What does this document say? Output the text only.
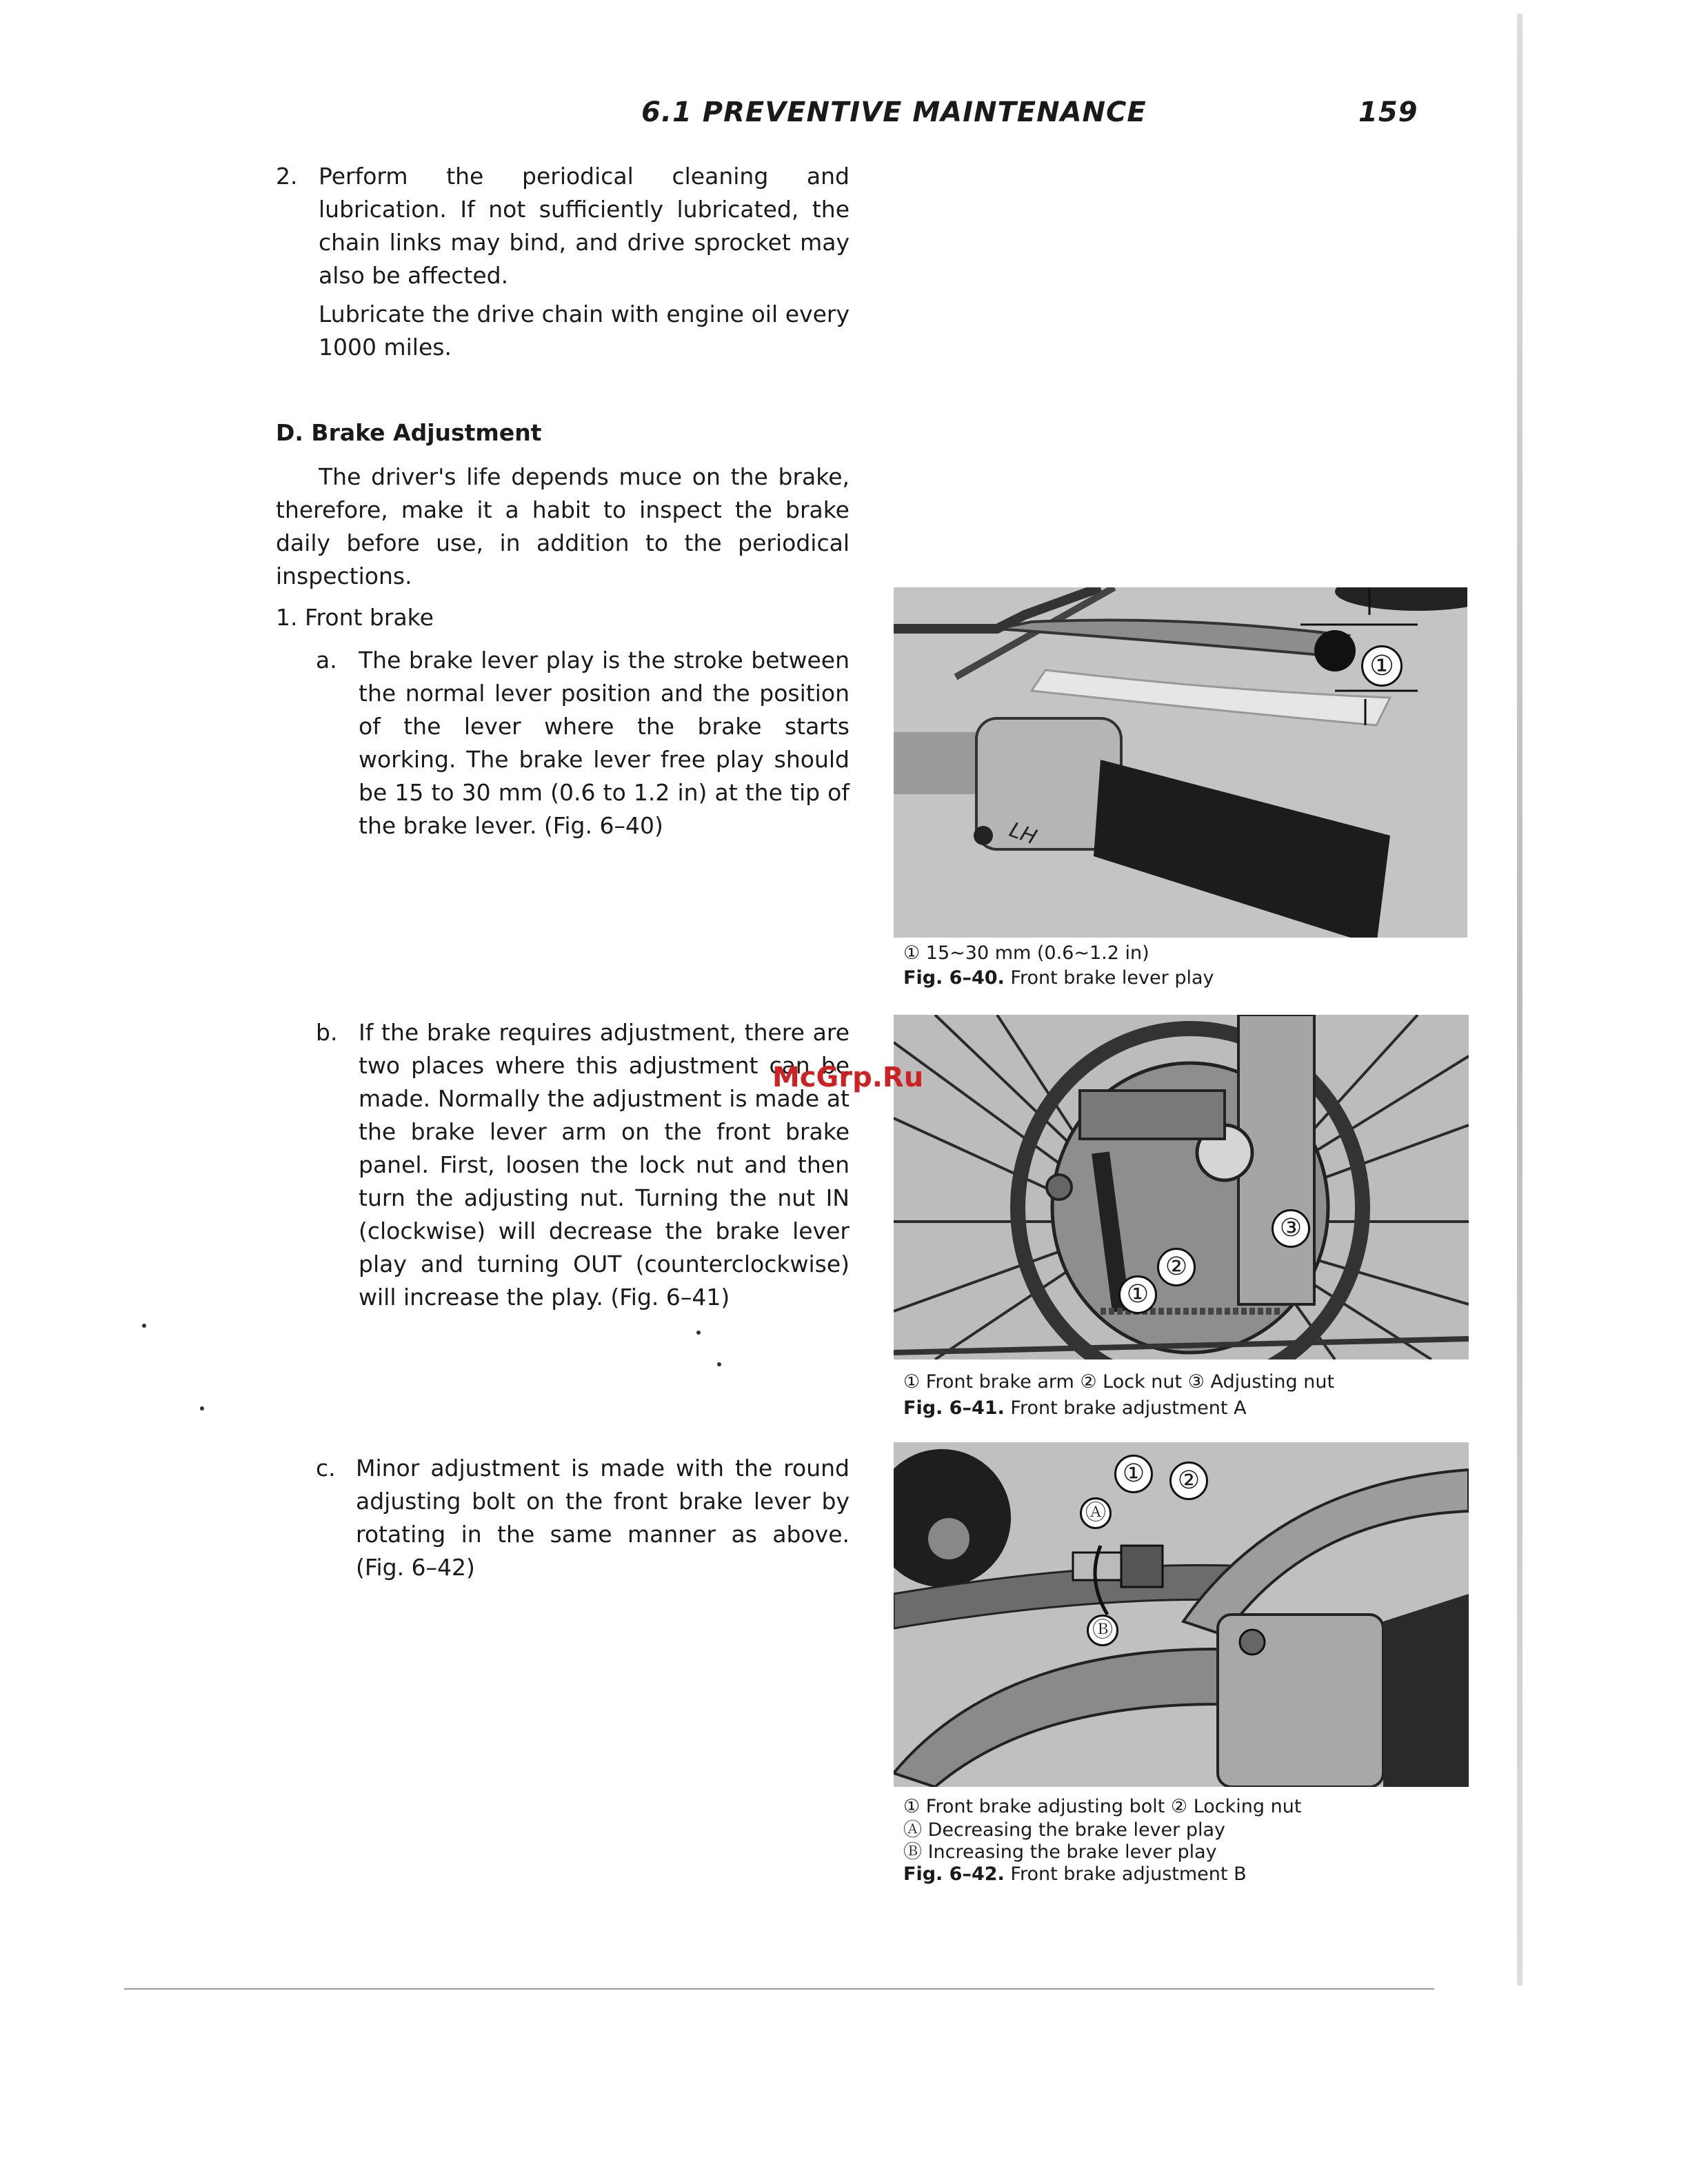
6.1 PREVENTIVE MAINTENANCE	159
2. Perform the periodical cleaning and lubrication. If not sufficiently lubricated, the chain links may bind, and drive sprocket may also be affected.

Lubricate the drive chain with engine oil every 1000 miles.

D. Brake Adjustment

The driver's life depends muce on the brake, therefore, make it a habit to inspect the brake daily before use, in addition to the periodical inspections.

1. Front brake
a. The brake lever play is the stroke between the normal lever position and the position of the lever where the brake starts working. The brake lever free play should be 15 to 30 mm (0.6 to 1.2 in) at the tip of the brake lever. (Fig. 6–40)

b. If the brake requires adjustment, there are two places where this adjustment can be made. Normally the adjustment is made at the brake lever arm on the front brake panel. First, loosen the lock nut and then turn the adjusting nut. Turning the nut IN (clockwise) will decrease the brake lever play and turning OUT (counterclockwise) will increase the play. (Fig. 6–41)

c. Minor adjustment is made with the round adjusting bolt on the front brake lever by rotating in the same manner as above. (Fig. 6–42)

LH
①
① 15∼30 mm (0.6∼1.2 in)
Fig. 6–40. Front brake lever play
①
②
③
① Front brake arm ② Lock nut ③ Adjusting nut
Fig. 6–41. Front brake adjustment A
①	②
Ⓐ
Ⓑ
① Front brake adjusting bolt ② Locking nut
Ⓐ Decreasing the brake lever play
Ⓑ Increasing the brake lever play
Fig. 6–42. Front brake adjustment B
McGrp.Ru
